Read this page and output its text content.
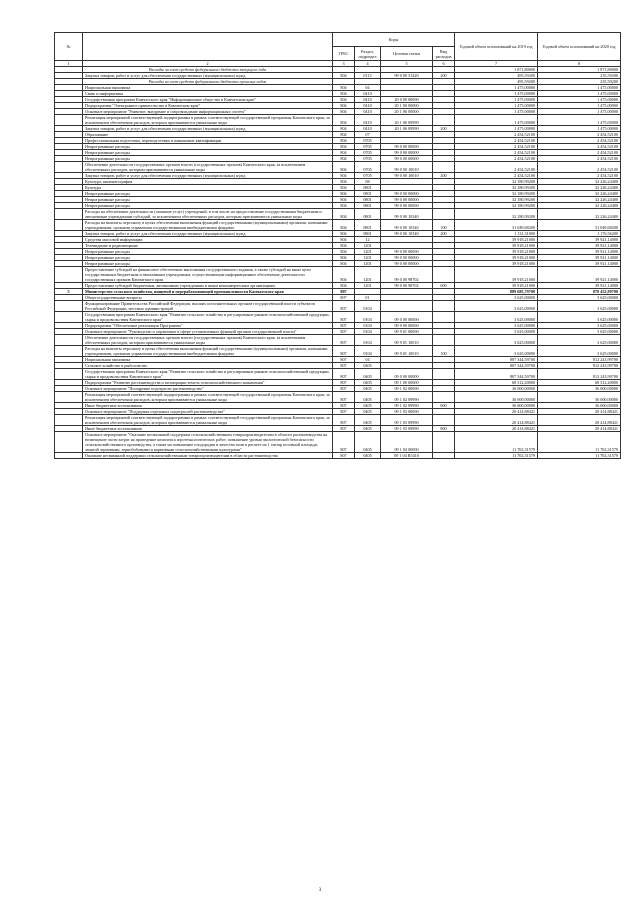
№		Коды				Годовой объем ассигнований на 2019 год	Годовой объем ассигнований на 2020 год
		ГРБС	Раздел, подраздел	Целевая статья	Вид расходов		
1	2	3	4	5	6	7	8
	Расходы за счет средств федерального бюджета текущего года					1 871,80000	1 871,80000
	Закупка товаров, работ и услуг для обеспечения государственных (муниципальных) нужд	804	0113	99 0 00 51420	200	495,59200	235,59200
	Расходы за счет средств федерального бюджета прошлых годов					495,59200	235,59200
	Национальная экономика	804	04			1 475,00000	1 475,00000
	Связь и информатика	804	0410			1 475,00000	1 475,00000
	Государственная программа Камчатского края "Информационное общество в Камчатском крае"	804	0410	20 0 00 00000		1 475,00000	1 475,00000
	Подпрограмма "Электронное правительство в Камчатском крае"	804	0410	20 1 00 00000		1 475,00000	1 475,00000
	Основное мероприятие "Развитие, внедрение и сопровождение информационных систем"	804	0410	20 1 06 00000		1 475,00000	1 475,00000
	Реализация мероприятий соответствующей подпрограммы в рамках соответствующей государственной программы Камчатского края, за исключением обеспечения расходов, которым присваиваются уникальные коды	804	0410	20 1 06 09990		1 475,00000	1 475,00000
	Закупка товаров, работ и услуг для обеспечения государственных (муниципальных) нужд	804	0410	20 1 06 09990	200	1 475,00000	1 475,00000
	Образование	804	07			2 454,52100	2 454,52100
	Профессиональная подготовка, переподготовка и повышение квалификации	804	0705			2 454,52100	2 454,52100
	Непрограммные расходы	804	0705	99 0 00 00000		2 454,52100	2 454,52100
	Непрограммные расходы	804	0705	99 0 00 00000		2 454,52100	2 454,52100
	Непрограммные расходы	804	0705	99 0 00 00000		2 454,52100	2 454,52100
	Обеспечение деятельности государственных органов власти (государственных органов) Камчатского края, за исключением обеспеченных расходов, которым присваиваются уникальные коды	804	0705	99 0 00 10010		2 454,52100	2 454,52100
	Закупка товаров, работ и услуг для обеспечения государственных (муниципальных) нужд	804	0705	99 0 00 10010	200	2 454,52100	2 454,52100
	Культура, кинематография	804	08			32 180,99200	32 226,24400
	Культура	804	0801			32 180,99200	32 226,24400
	Непрограммные расходы	804	0801	99 0 00 00000		32 180,99200	32 226,24400
	Непрограммные расходы	804	0801	99 0 00 00000		32 180,99200	32 226,24400
	Непрограммные расходы	804	0801	99 0 00 00000		32 180,99200	32 226,24400
	Расходы на обеспечение деятельности (оказание услуг) учреждений, в том числе на предоставление государственным бюджетным и автономным учреждениям субсидий, за исключением обеспеченных расходов, которым присваиваются уникальные коды	804	0801	99 0 00 10340		32 180,99200	32 226,24400
	Расходы на выплаты персоналу в целях обеспечения выполнения функций государственными (муниципальными) органами, казенными учреждениями, органами управления государственными внебюджетными фондами	804	0801	99 0 00 10340	100	31 049,68200	31 049,68200
	Закупка товаров, работ и услуг для обеспечения государственных (муниципальных) нужд	804	0801	99 0 00 10340	200	1 131,31000	1 176,56200
	Средства массовой информации	804	12			39 918,21000	39 921,14000
	Телевидение и радиовещание	804	1201			39 918,21000	39 921,14000
	Непрограммные расходы	804	1201	99 0 00 00000		39 918,21000	39 921,14000
	Непрограммные расходы	804	1201	99 0 00 00000		39 918,21000	39 921,14000
	Непрограммные расходы	804	1201	99 0 00 00000		39 918,21000	39 921,14000
	Предоставление субсидий на финансовое обеспечение выполнения государственного задания, а также субсидий на иные цели государственным бюджетным и автономным учреждениям, осуществляющим информационное обеспечение деятельности государственных органов Камчатского края	804	1201	99 0 00 98702		39 918,21000	39 921,14000
	Предоставление субсидий бюджетным, автономным учреждениям и иным некоммерческим организациям	804	1201	99 0 00 98702	600	39 918,21000	39 921,14000
5	Министерство сельского хозяйства, пищевой и перерабатывающей промышленности Камчатского края	807				889 685,79700	870 452,99700
	Общегосударственные вопросы	807	01			3 625,00000	3 625,00000
	Функционирование Правительства Российской Федерации, высших исполнительных органов государственной власти субъектов Российской Федерации, местных администраций	807	0104			3 625,00000	3 625,00000
	Государственная программа Камчатского края "Развитие сельского хозяйства и регулирование рынков сельскохозяйственной продукции, сырья и продовольствия Камчатского края"	807	0104	09 0 00 00000		3 625,00000	3 625,00000
	Подпрограмма "Обеспечение реализации Программы"	807	0104	09 9 00 00000		3 625,00000	3 625,00000
	Основное мероприятие "Руководство и управление в сфере установленных функций органов государственной власти"	807	0104	09 9 01 00000		3 625,00000	3 625,00000
	Обеспечение деятельности государственных органов власти (государственных органов) Камчатского края, за исключением обеспеченных расходов, которым присваиваются уникальные коды	807	0104	09 9 01 10010		3 625,00000	3 625,00000
	Расходы на выплаты персоналу в целях обеспечения выполнения функций государственными (муниципальными) органами, казенными учреждениями, органами управления государственными внебюджетными фондами	807	0104	09 9 01 10010	100	3 625,00000	3 625,00000
	Национальная экономика	807	04			807 344,59700	812 243,99700
	Сельское хозяйство и рыболовство	807	0405			807 344,59700	812 243,99700
	Государственная программа Камчатского края "Развитие сельского хозяйства и регулирование рынков сельскохозяйственной продукции, сырья и продовольствия Камчатского края"	807	0405	09 0 00 00000		807 344,59700	812 243,99700
	Подпрограмма "Развитие растениеводства и мелиорации земель сельскохозяйственного назначения"	807	0405	09 1 00 00000		68 312,20000	68 312,20000
	Основное мероприятие "Поощрение подотрасли растениеводства"	807	0405	09 1 02 00000		36 000,00000	36 000,00000
	Реализация мероприятий соответствующей подпрограммы в рамках соответствующей государственной программы Камчатского края, за исключением обеспечения расходов, которым присваиваются уникальные коды	807	0405	09 1 02 09990		36 000,00000	36 000,00000
	Иные бюджетные ассигнования	807	0405	09 1 02 09990	800	36 000,00000	36 000,00000
	Основное мероприятие "Поддержка отдельных подотраслей растениеводства"	807	0405	09 1 03 00000		20 414,88421	20 414,88421
	Реализация мероприятий соответствующей подпрограммы в рамках соответствующей государственной программы Камчатского края, за исключением обеспечения расходов, которым присваиваются уникальные коды	807	0405	09 1 03 09990		20 414,88421	20 414,88421
	Иные бюджетные ассигнования	807	0405	09 1 03 09990	800	20 414,88421	20 414,88421
	Основное мероприятие "Оказание несвязанной поддержки сельскохозяйственным товаропроизводителям в области растениеводства на возмещение части затрат на проведение комплекса агротехнологических работ, повышение уровня экологической безопасности сельскохозяйственного производства, а также на повышение плодородия и качества почв в расчете на 1 гектар посевной площади, занятой зерновыми, зернобобовыми и кормовыми сельскохозяйственными культурами"	807	0405	09 1 04 00000		11 702,31579	11 702,31579
	Оказание несвязанной поддержки сельскохозяйственным товаропроизводителям в области растениеводства	807	0405	09 1 04 R5410		11 702,31579	11 702,31579
3
